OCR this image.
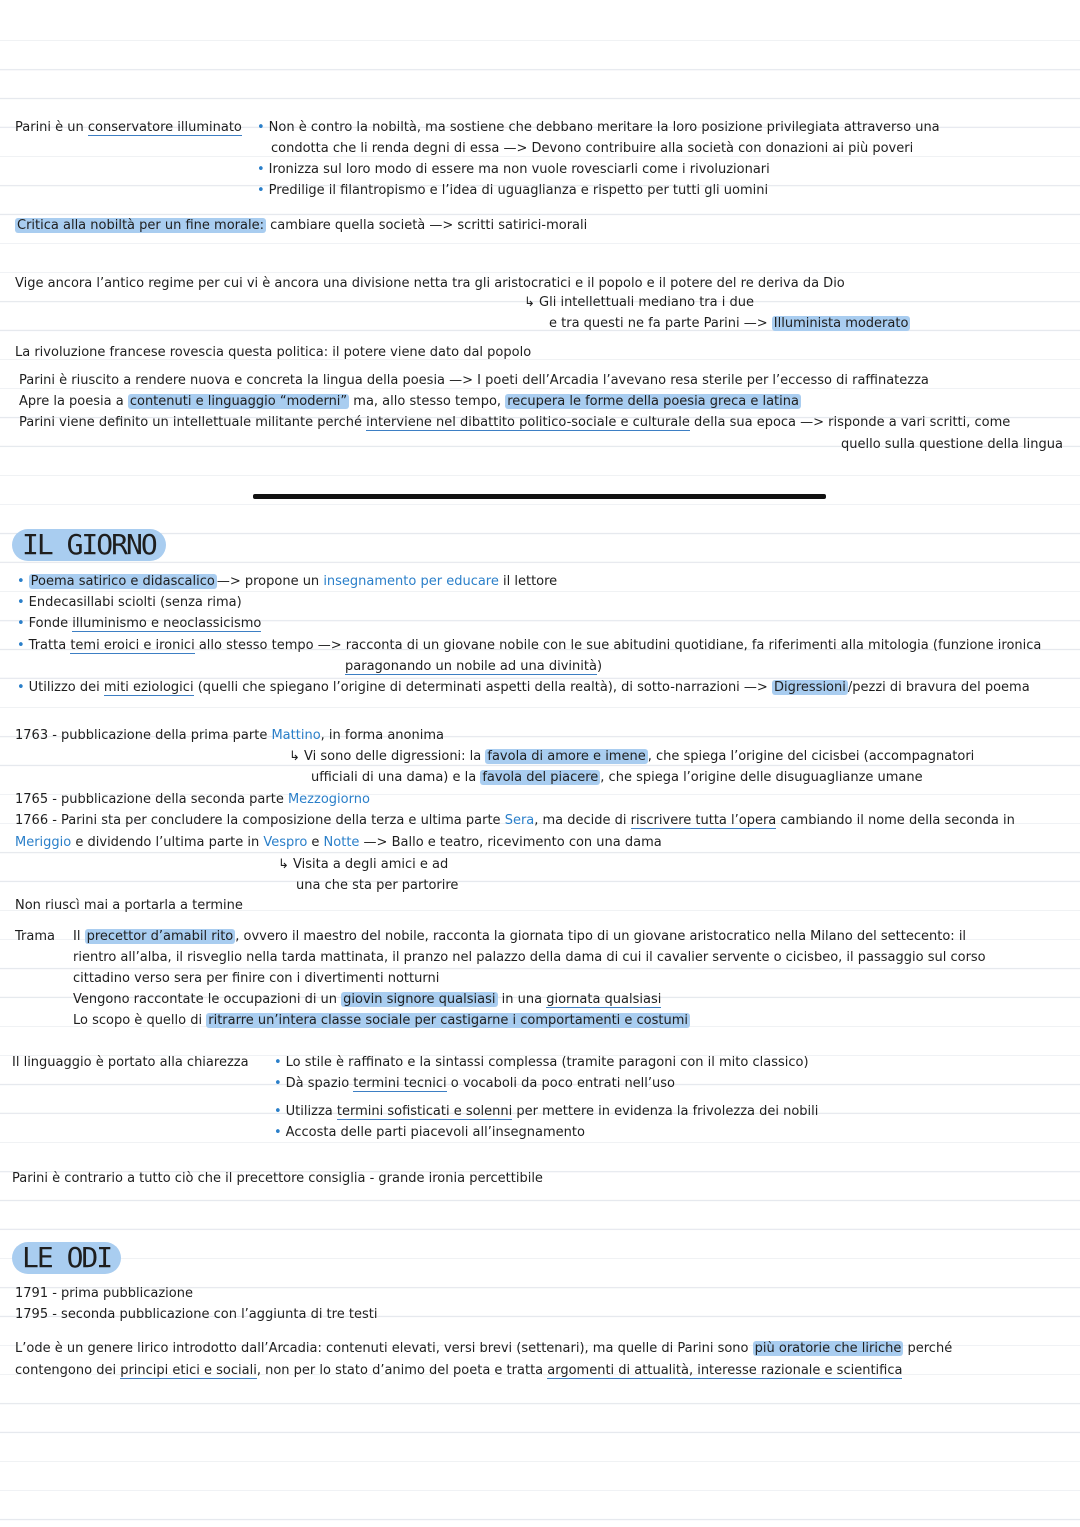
Parini è un conservatore illuminato • Non è contro la nobiltà, ma sostiene che debbano meritare la loro posizione privilegiata attraverso una
condotta che li renda degni di essa —> Devono contribuire alla società con donazioni ai più poveri
• Ironizza sul loro modo di essere ma non vuole rovesciarli come i rivoluzionari
• Predilige il filantropismo e l’idea di uguaglianza e rispetto per tutti gli uomini
Critica alla nobiltà per un fine morale: cambiare quella società —> scritti satirici-morali
Vige ancora l’antico regime per cui vi è ancora una divisione netta tra gli aristocratici e il popolo e il potere del re deriva da Dio
↳ Gli intellettuali mediano tra i due
e tra questi ne fa parte Parini —> Illuminista moderato
La rivoluzione francese rovescia questa politica: il potere viene dato dal popolo
Parini è riuscito a rendere nuova e concreta la lingua della poesia —> I poeti dell’Arcadia l’avevano resa sterile per l’eccesso di raffinatezza
Apre la poesia a contenuti e linguaggio “moderni” ma, allo stesso tempo, recupera le forme della poesia greca e latina
Parini viene definito un intellettuale militante perché interviene nel dibattito politico-sociale e culturale della sua epoca —> risponde a vari scritti, come
quello sulla questione della lingua
IL GIORNO
• Poema satirico e didascalico —> propone un insegnamento per educare il lettore
• Endecasillabi sciolti (senza rima)
• Fonde illuminismo e neoclassicismo
• Tratta temi eroici e ironici allo stesso tempo —> racconta di un giovane nobile con le sue abitudini quotidiane, fa riferimenti alla mitologia (funzione ironica
paragonando un nobile ad una divinità)
• Utilizzo dei miti eziologici (quelli che spiegano l’origine di determinati aspetti della realtà), di sotto-narrazioni —> Digressioni /pezzi di bravura del poema
1763 - pubblicazione della prima parte Mattino, in forma anonima
↳ Vi sono delle digressioni: la favola di amore e imene , che spiega l’origine del cicisbei (accompagnatori
ufficiali di una dama) e la favola del piacere , che spiega l’origine delle disuguaglianze umane
1765 - pubblicazione della seconda parte Mezzogiorno
1766 - Parini sta per concludere la composizione della terza e ultima parte Sera, ma decide di riscrivere tutta l’opera cambiando il nome della seconda in
Meriggio e dividendo l’ultima parte in Vespro e Notte —> Ballo e teatro, ricevimento con una dama
↳ Visita a degli amici e ad
una che sta per partorire
Non riuscì mai a portarla a termine
Trama Il precettor d’amabil rito , ovvero il maestro del nobile, racconta la giornata tipo di un giovane aristocratico nella Milano del settecento: il
rientro all’alba, il risveglio nella tarda mattinata, il pranzo nel palazzo della dama di cui il cavalier servente o cicisbeo, il passaggio sul corso
cittadino verso sera per finire con i divertimenti notturni
Vengono raccontate le occupazioni di un giovin signore qualsiasi in una giornata qualsiasi
Lo scopo è quello di ritrarre un’intera classe sociale per castigarne i comportamenti e costumi
Il linguaggio è portato alla chiarezza • Lo stile è raffinato e la sintassi complessa (tramite paragoni con il mito classico)
• Dà spazio termini tecnici o vocaboli da poco entrati nell’uso
• Utilizza termini sofisticati e solenni per mettere in evidenza la frivolezza dei nobili
• Accosta delle parti piacevoli all’insegnamento
Parini è contrario a tutto ciò che il precettore consiglia - grande ironia percettibile
LE ODI
1791 - prima pubblicazione
1795 - seconda pubblicazione con l’aggiunta di tre testi
L’ode è un genere lirico introdotto dall’Arcadia: contenuti elevati, versi brevi (settenari), ma quelle di Parini sono più oratorie che liriche perché
contengono dei principi etici e sociali, non per lo stato d’animo del poeta e tratta argomenti di attualità, interesse razionale e scientifica
